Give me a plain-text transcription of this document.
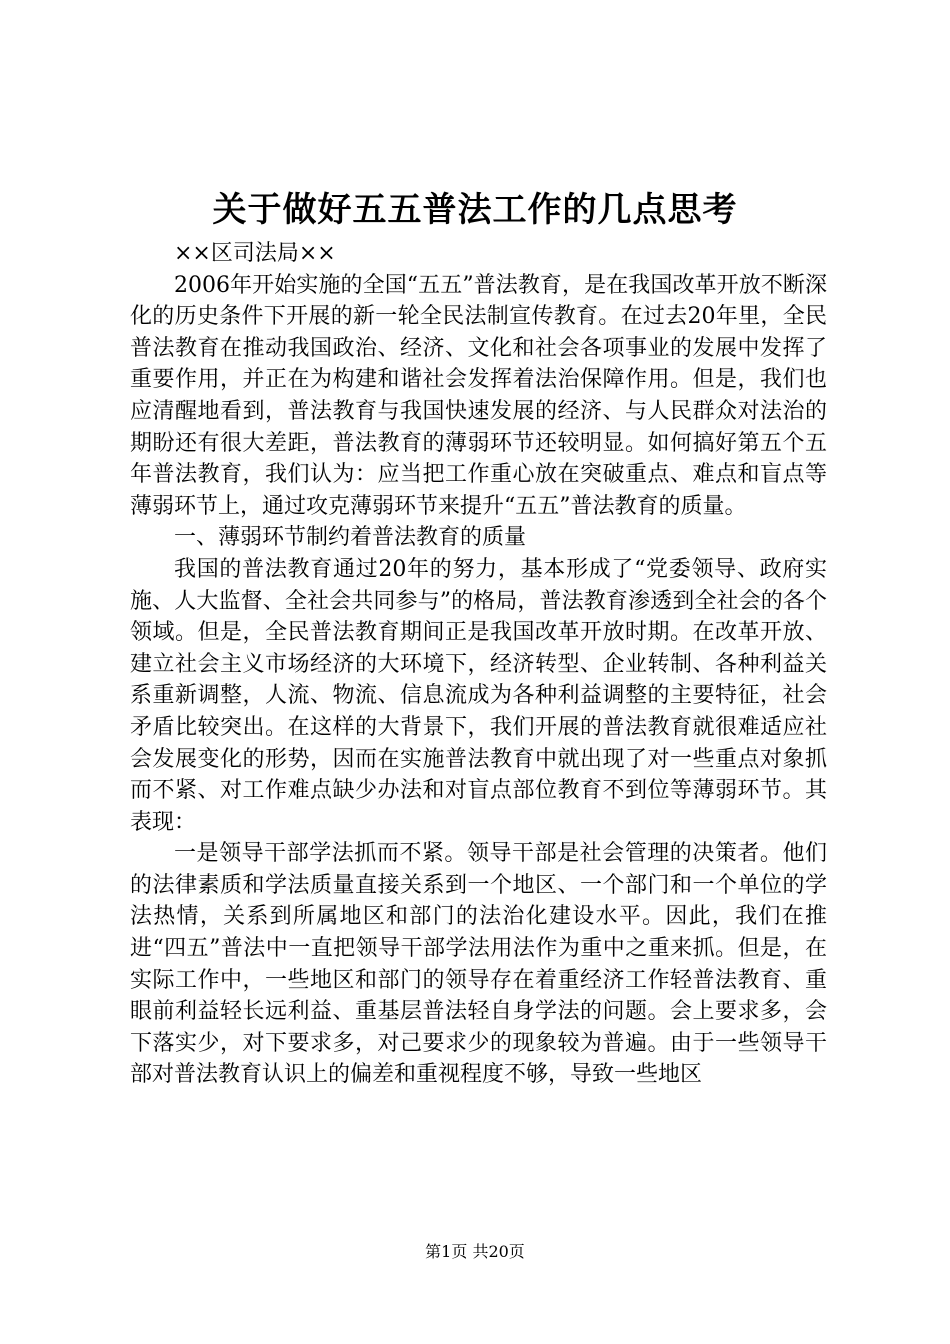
关于做好五五普法工作的几点思考

××区司法局××

2006年开始实施的全国“五五”普法教育，是在我国改革开放不断深化的历史条件下开展的新一轮全民法制宣传教育。在过去20年里，全民普法教育在推动我国政治、经济、文化和社会各项事业的发展中发挥了重要作用，并正在为构建和谐社会发挥着法治保障作用。但是，我们也应清醒地看到，普法教育与我国快速发展的经济、与人民群众对法治的期盼还有很大差距，普法教育的薄弱环节还较明显。如何搞好第五个五年普法教育，我们认为：应当把工作重心放在突破重点、难点和盲点等薄弱环节上，通过攻克薄弱环节来提升“五五”普法教育的质量。

一、薄弱环节制约着普法教育的质量

我国的普法教育通过20年的努力，基本形成了“党委领导、政府实施、人大监督、全社会共同参与”的格局，普法教育渗透到全社会的各个领域。但是，全民普法教育期间正是我国改革开放时期。在改革开放、建立社会主义市场经济的大环境下，经济转型、企业转制、各种利益关系重新调整，人流、物流、信息流成为各种利益调整的主要特征，社会矛盾比较突出。在这样的大背景下，我们开展的普法教育就很难适应社会发展变化的形势，因而在实施普法教育中就出现了对一些重点对象抓而不紧、对工作难点缺少办法和对盲点部位教育不到位等薄弱环节。其表现：

一是领导干部学法抓而不紧。领导干部是社会管理的决策者。他们的法律素质和学法质量直接关系到一个地区、一个部门和一个单位的学法热情，关系到所属地区和部门的法治化建设水平。因此，我们在推进“四五”普法中一直把领导干部学法用法作为重中之重来抓。但是，在实际工作中，一些地区和部门的领导存在着重经济工作轻普法教育、重眼前利益轻长远利益、重基层普法轻自身学法的问题。会上要求多，会下落实少，对下要求多，对己要求少的现象较为普遍。由于一些领导干部对普法教育认识上的偏差和重视程度不够，导致一些地区

第1页 共20页
